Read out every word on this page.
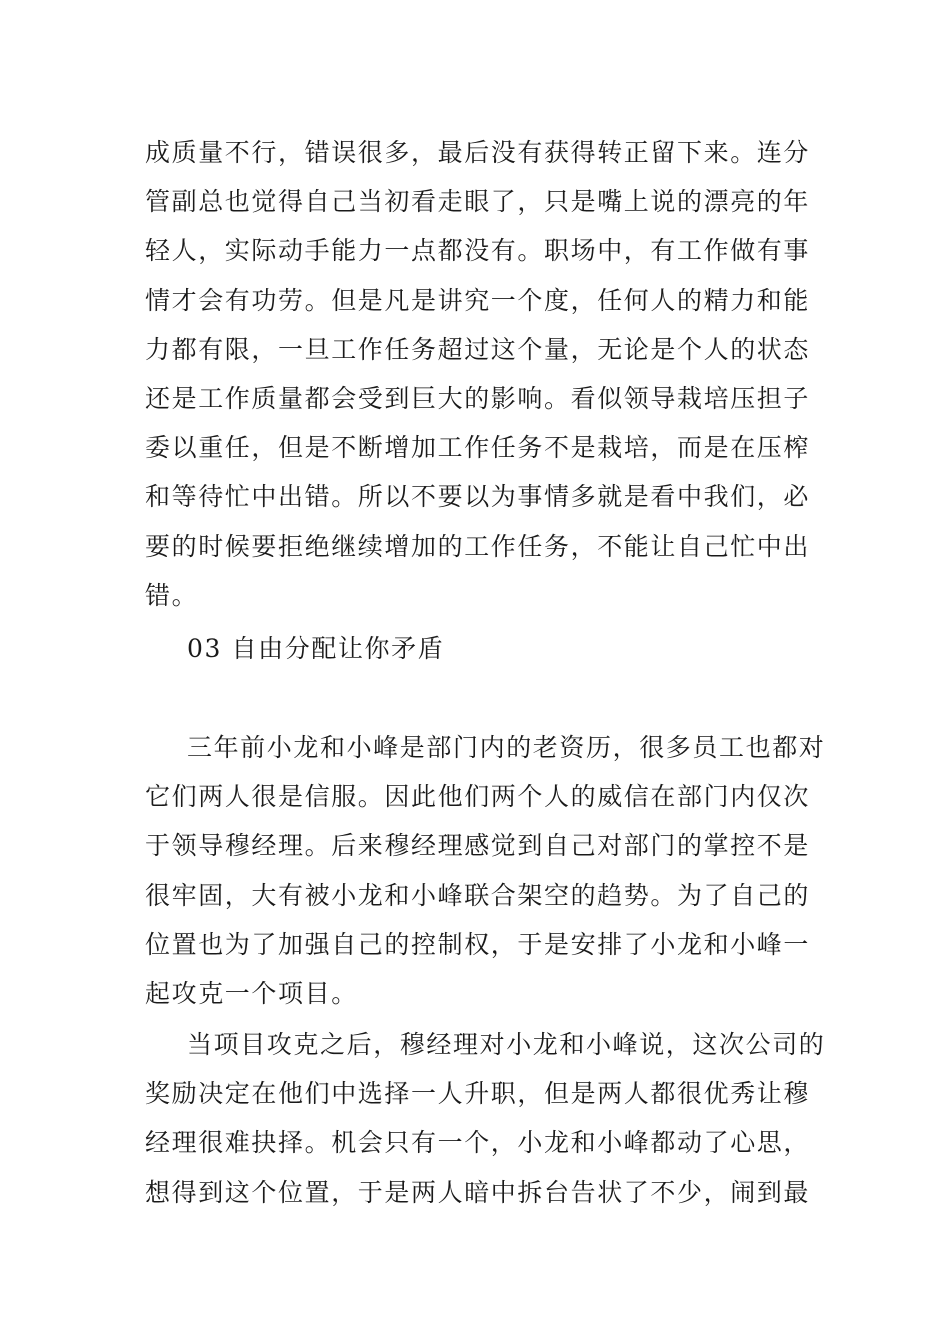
成质量不行，错误很多，最后没有获得转正留下来。连分
管副总也觉得自己当初看走眼了，只是嘴上说的漂亮的年
轻人，实际动手能力一点都没有。职场中，有工作做有事
情才会有功劳。但是凡是讲究一个度，任何人的精力和能
力都有限，一旦工作任务超过这个量，无论是个人的状态
还是工作质量都会受到巨大的影响。看似领导栽培压担子
委以重任，但是不断增加工作任务不是栽培，而是在压榨
和等待忙中出错。所以不要以为事情多就是看中我们，必
要的时候要拒绝继续增加的工作任务，不能让自己忙中出
错。
03 自由分配让你矛盾
三年前小龙和小峰是部门内的老资历，很多员工也都对
它们两人很是信服。因此他们两个人的威信在部门内仅次
于领导穆经理。后来穆经理感觉到自己对部门的掌控不是
很牢固，大有被小龙和小峰联合架空的趋势。为了自己的
位置也为了加强自己的控制权，于是安排了小龙和小峰一
起攻克一个项目。
当项目攻克之后，穆经理对小龙和小峰说，这次公司的
奖励决定在他们中选择一人升职，但是两人都很优秀让穆
经理很难抉择。机会只有一个，小龙和小峰都动了心思，
想得到这个位置，于是两人暗中拆台告状了不少，闹到最
